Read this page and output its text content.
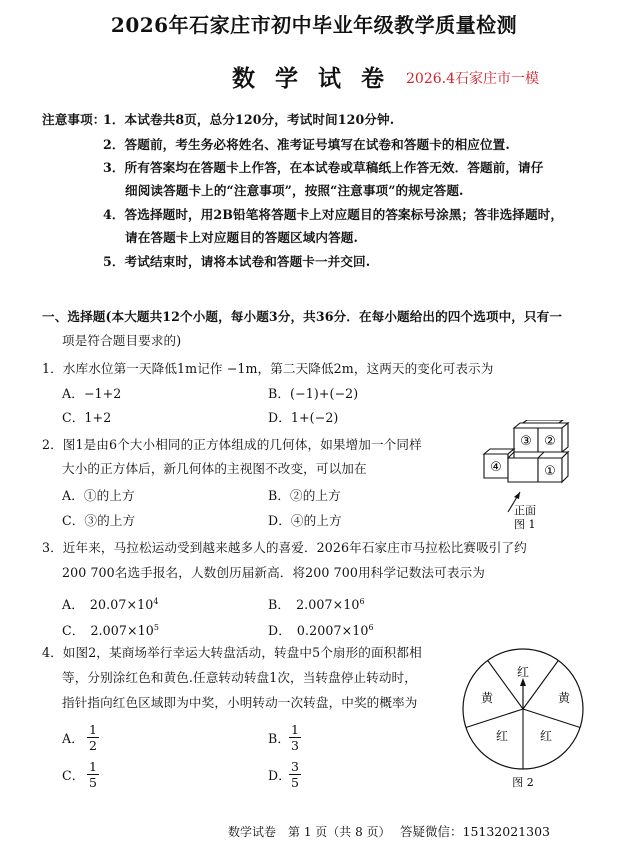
2026年石家庄市初中毕业年级教学质量检测
数 学 试 卷 2026.4石家庄市一模
注意事项：
1．本试卷共8页，总分120分，考试时间120分钟.
2．答题前，考生务必将姓名、准考证号填写在试卷和答题卡的相应位置.
3．所有答案均在答题卡上作答，在本试卷或草稿纸上作答无效．答题前，请仔
细阅读答题卡上的“注意事项”，按照“注意事项”的规定答题.
4．答选择题时，用2B铅笔将答题卡上对应题目的答案标号涂黑；答非选择题时，
请在答题卡上对应题目的答题区域内答题.
5．考试结束时，请将本试卷和答题卡一并交回.
一、选择题(本大题共12个小题，每小题3分，共36分．在每小题给出的四个选项中，只有一
项是符合题目要求的)
1．水库水位第一天降低1m记作 −1m，第二天降低2m，这两天的变化可表示为
A．−1+2	B．(−1)+(−2)
C．1+2	D．1+(−2)
2．图1是由6个大小相同的正方体组成的几何体，如果增加一个同样
大小的正方体后，新几何体的主视图不改变，可以加在
A．①的上方	B．②的上方
C．③的上方	D．④的上方
③ ②
④	①
正面
图 1
3．近年来，马拉松运动受到越来越多人的喜爱．2026年石家庄市马拉松比赛吸引了约
200 700名选手报名，人数创历届新高．将200 700用科学记数法可表示为
A． $20.07\times 10^4$	B． $2.007\times 10^6$
C． $2.007\times 10^5$	D． $0.2007\times 10^6$
4．如图2，某商场举行幸运大转盘活动，转盘中5个扇形的面积都相
等，分别涂红色和黄色.任意转动转盘1次，当转盘停止转动时，
指针指向红色区域即为中奖，小明转动一次转盘，中奖的概率为
A．
1
2	B．
1
3
C．
1
5	D．
3
5
红
黄	黄
红	红
图 2
数学试卷　第 1 页（共 8 页） 答疑微信：15132021303
